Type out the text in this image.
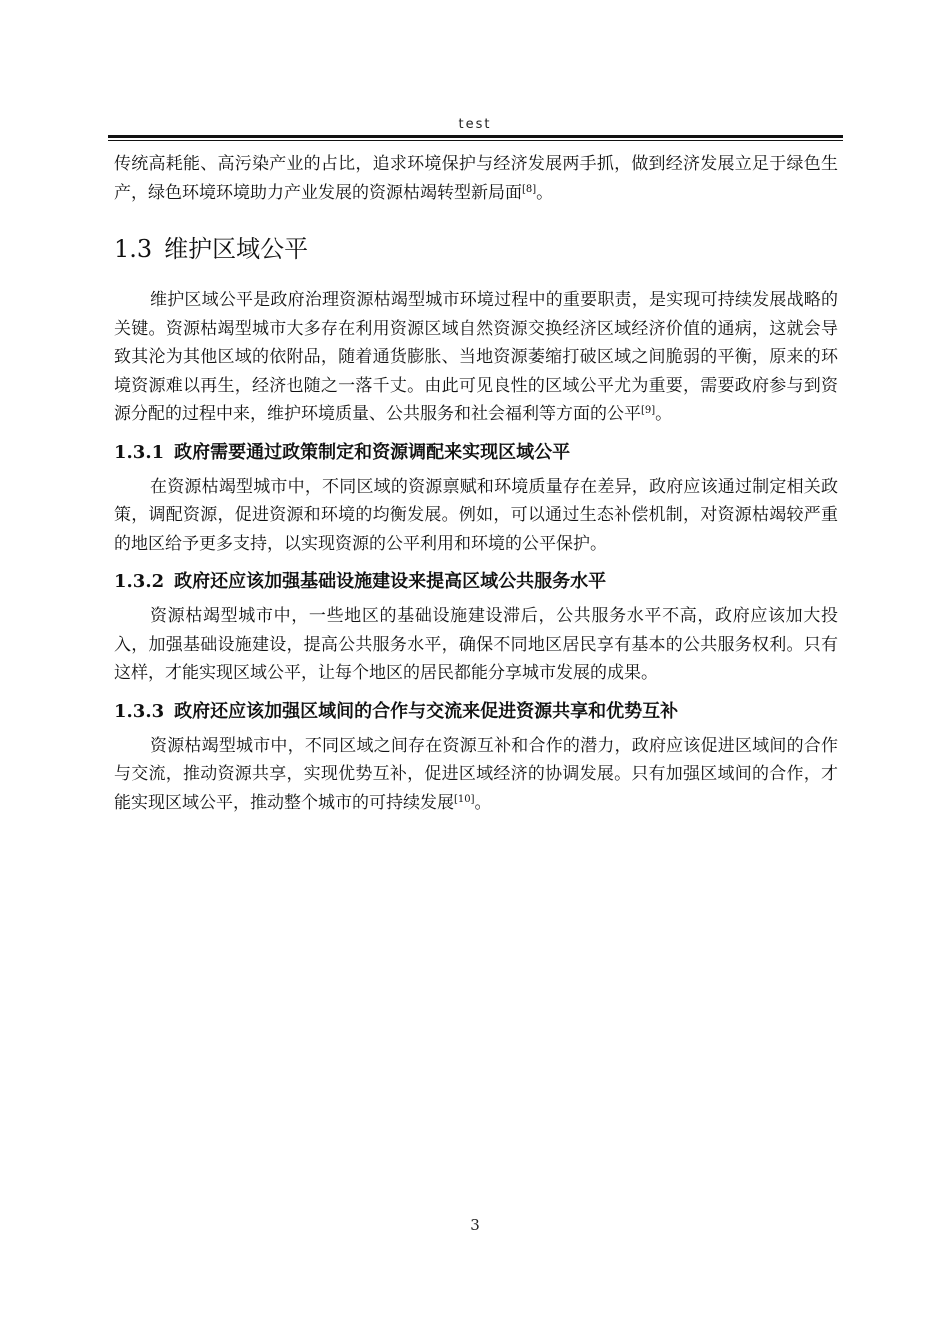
test

传统高耗能、高污染产业的占比，追求环境保护与经济发展两手抓，做到经济发展立足于绿色生产，绿色环境环境助力产业发展的资源枯竭转型新局面[8]。

1.3 维护区域公平

维护区域公平是政府治理资源枯竭型城市环境过程中的重要职责，是实现可持续发展战略的关键。资源枯竭型城市大多存在利用资源区域自然资源交换经济区域经济价值的通病，这就会导致其沦为其他区域的依附品，随着通货膨胀、当地资源萎缩打破区域之间脆弱的平衡，原来的环境资源难以再生，经济也随之一落千丈。由此可见良性的区域公平尤为重要，需要政府参与到资源分配的过程中来，维护环境质量、公共服务和社会福利等方面的公平[9]。

1.3.1 政府需要通过政策制定和资源调配来实现区域公平

在资源枯竭型城市中，不同区域的资源禀赋和环境质量存在差异，政府应该通过制定相关政策，调配资源，促进资源和环境的均衡发展。例如，可以通过生态补偿机制，对资源枯竭较严重的地区给予更多支持，以实现资源的公平利用和环境的公平保护。

1.3.2 政府还应该加强基础设施建设来提高区域公共服务水平

资源枯竭型城市中，一些地区的基础设施建设滞后，公共服务水平不高，政府应该加大投入，加强基础设施建设，提高公共服务水平，确保不同地区居民享有基本的公共服务权利。只有这样，才能实现区域公平，让每个地区的居民都能分享城市发展的成果。

1.3.3 政府还应该加强区域间的合作与交流来促进资源共享和优势互补

资源枯竭型城市中，不同区域之间存在资源互补和合作的潜力，政府应该促进区域间的合作与交流，推动资源共享，实现优势互补，促进区域经济的协调发展。只有加强区域间的合作，才能实现区域公平，推动整个城市的可持续发展[10]。

3
